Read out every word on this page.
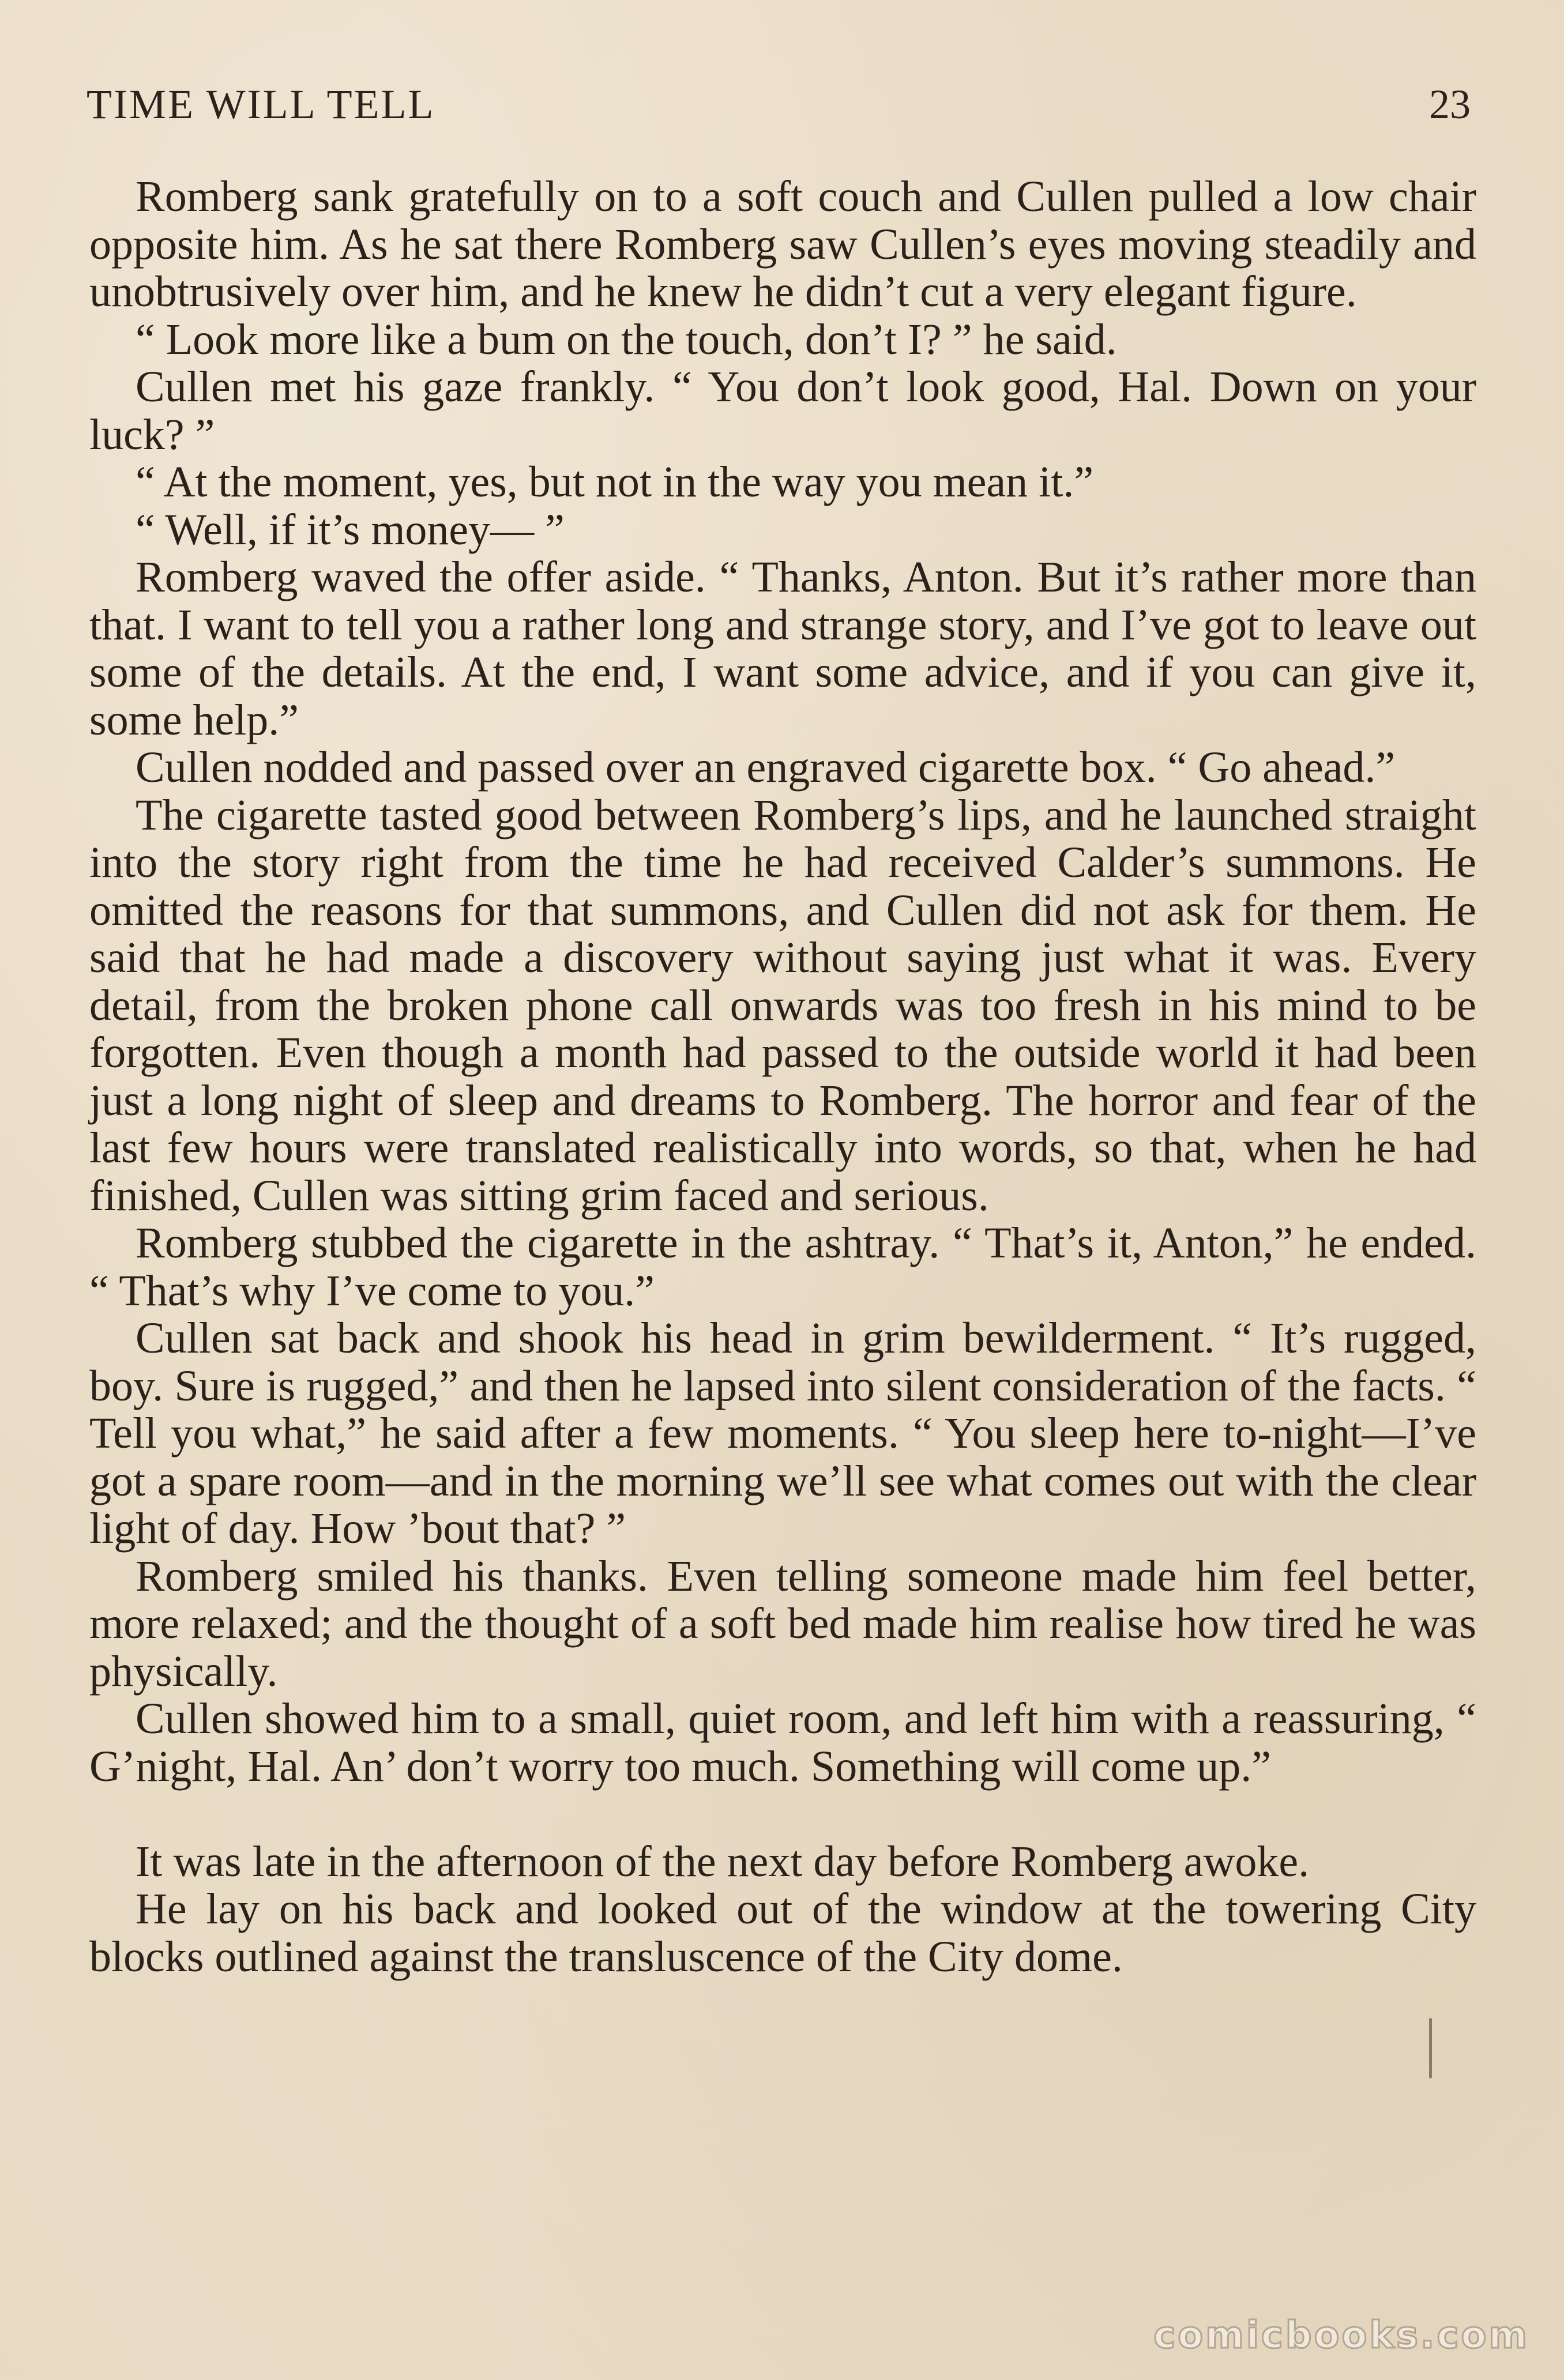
TIME WILL TELL	23

Romberg sank gratefully on to a soft couch and Cullen pulled a low chair opposite him. As he sat there Romberg saw Cullen’s eyes moving steadily and unobtrusively over him, and he knew he didn’t cut a very elegant figure.

“ Look more like a bum on the touch, don’t I? ” he said.

Cullen met his gaze frankly. “ You don’t look good, Hal. Down on your luck? ”

“ At the moment, yes, but not in the way you mean it.”

“ Well, if it’s money— ”

Romberg waved the offer aside. “ Thanks, Anton. But it’s rather more than that. I want to tell you a rather long and strange story, and I’ve got to leave out some of the details. At the end, I want some advice, and if you can give it, some help.”

Cullen nodded and passed over an engraved cigarette box. “ Go ahead.”

The cigarette tasted good between Romberg’s lips, and he launched straight into the story right from the time he had received Calder’s summons. He omitted the reasons for that summons, and Cullen did not ask for them. He said that he had made a discovery without saying just what it was. Every detail, from the broken phone call onwards was too fresh in his mind to be forgotten. Even though a month had passed to the outside world it had been just a long night of sleep and dreams to Romberg. The horror and fear of the last few hours were translated realistically into words, so that, when he had finished, Cullen was sitting grim faced and serious.

Romberg stubbed the cigarette in the ashtray. “ That’s it, Anton,” he ended. “ That’s why I’ve come to you.”

Cullen sat back and shook his head in grim bewilderment. “ It’s rugged, boy. Sure is rugged,” and then he lapsed into silent consideration of the facts. “ Tell you what,” he said after a few moments. “ You sleep here to-night—I’ve got a spare room—and in the morning we’ll see what comes out with the clear light of day. How ’bout that? ”

Romberg smiled his thanks. Even telling someone made him feel better, more relaxed; and the thought of a soft bed made him realise how tired he was physically.

Cullen showed him to a small, quiet room, and left him with a reassuring, “ G’night, Hal. An’ don’t worry too much. Something will come up.”

It was late in the afternoon of the next day before Romberg awoke.

He lay on his back and looked out of the window at the towering City blocks outlined against the transluscence of the City dome.

comicbooks.com
